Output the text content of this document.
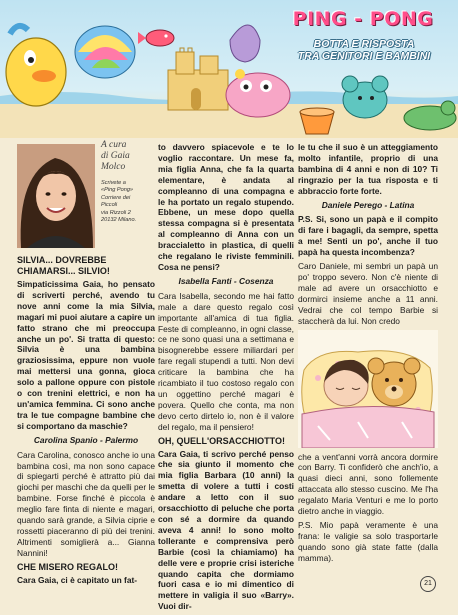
PING - PONG
BOTTA E RISPOSTA
TRA GENITORI E BAMBINI
A cura
di Gaia
Molco
Scrivete a
«Ping Pong»
Corriere dei
Piccoli
via Rizzoli 2
20132 Milano.
SILVIA... DOVREBBE CHIAMARSI... SILVIO!

Simpaticissima Gaia, ho pensato di scriverti perché, avendo tu nove anni come la mia Silvia, magari mi puoi aiutare a capire un fatto strano che mi preoccupa anche un po'. Si tratta di questo: Silvia è una bambina graziosissima, eppure non vuole mai mettersi una gonna, gioca solo a pallone oppure con pistole o con trenini elettrici, e non ha un'amica femmina. Ci sono anche tra le tue compagne bambine che si comportano da maschie?

Carolina Spanio - Palermo

Cara Carolina, conosco anche io una bambina così, ma non sono capace di spiegarti perché è attratto più dai giochi per maschi che da quelli per le bambine. Forse finché è piccola è meglio fare finta di niente e magari, quando sarà grande, a Silvia ciprie e rossetti piaceranno di più dei trenini. Altrimenti somiglierà a... Gianna Nannini!

CHE MISERO REGALO!

Cara Gaia, ci è capitato un fat-

to davvero spiacevole e te lo voglio raccontare. Un mese fa, mia figlia Anna, che fa la quarta elementare, è andata al compleanno di una compagna e le ha portato un regalo stupendo. Ebbene, un mese dopo quella stessa compagna si è presentata al compleanno di Anna con un braccialetto in plastica, di quelli che regalano le riviste femminili. Cosa ne pensi?

Isabella Fanti - Cosenza

Cara Isabella, secondo me hai fatto male a dare questo regalo così importante all'amica di tua figlia. Feste di compleanno, in ogni classe, ce ne sono quasi una a settimana e bisognerebbe essere miliardari per fare regali stupendi a tutti. Non devi criticare la bambina che ha ricambiato il tuo costoso regalo con un oggettino perché magari è povera. Quello che conta, ma non devo certo dirtelo io, non è il valore del regalo, ma il pensiero!

OH, QUELL'ORSACCHIOTTO!

Cara Gaia, ti scrivo perché penso che sia giunto il momento che mia figlia Barbara (10 anni) la smetta di volere a tutti i costi andare a letto con il suo orsacchiotto di peluche che porta con sé a dormire da quando aveva 4 anni! Io sono molto tollerante e comprensiva però Barbie (così la chiamiamo) ha delle vere e proprie crisi isteriche quando capita che dormiamo fuori casa e io mi dimentico di mettere in valigia il suo «Barry». Vuoi dir-

le tu che il suo è un atteggiamento molto infantile, proprio di una bambina di 4 anni e non di 10? Ti ringrazio per la tua risposta e ti abbraccio forte forte.

Daniele Perego - Latina

P.S. Si, sono un papà e il compito di fare i bagagli, da sempre, spetta a me! Senti un po', anche il tuo papà ha questa incombenza?

Caro Daniele, mi sembri un papà un po' troppo severo. Non c'è niente di male ad avere un orsacchiotto e dormirci insieme anche a 11 anni. Vedrai che col tempo Barbie si staccherà da lui. Non credo

che a vent'anni vorrà ancora dormire con Barry. Ti confiderò che anch'io, a quasi dieci anni, sono follemente attaccata allo stesso cuscino. Me l'ha regalato Maria Venturi e me lo porto dietro anche in viaggio.

P.S. Mio papà veramente è una frana: le valigie sa solo trasportarle quando sono già state fatte (dalla mamma).

21
